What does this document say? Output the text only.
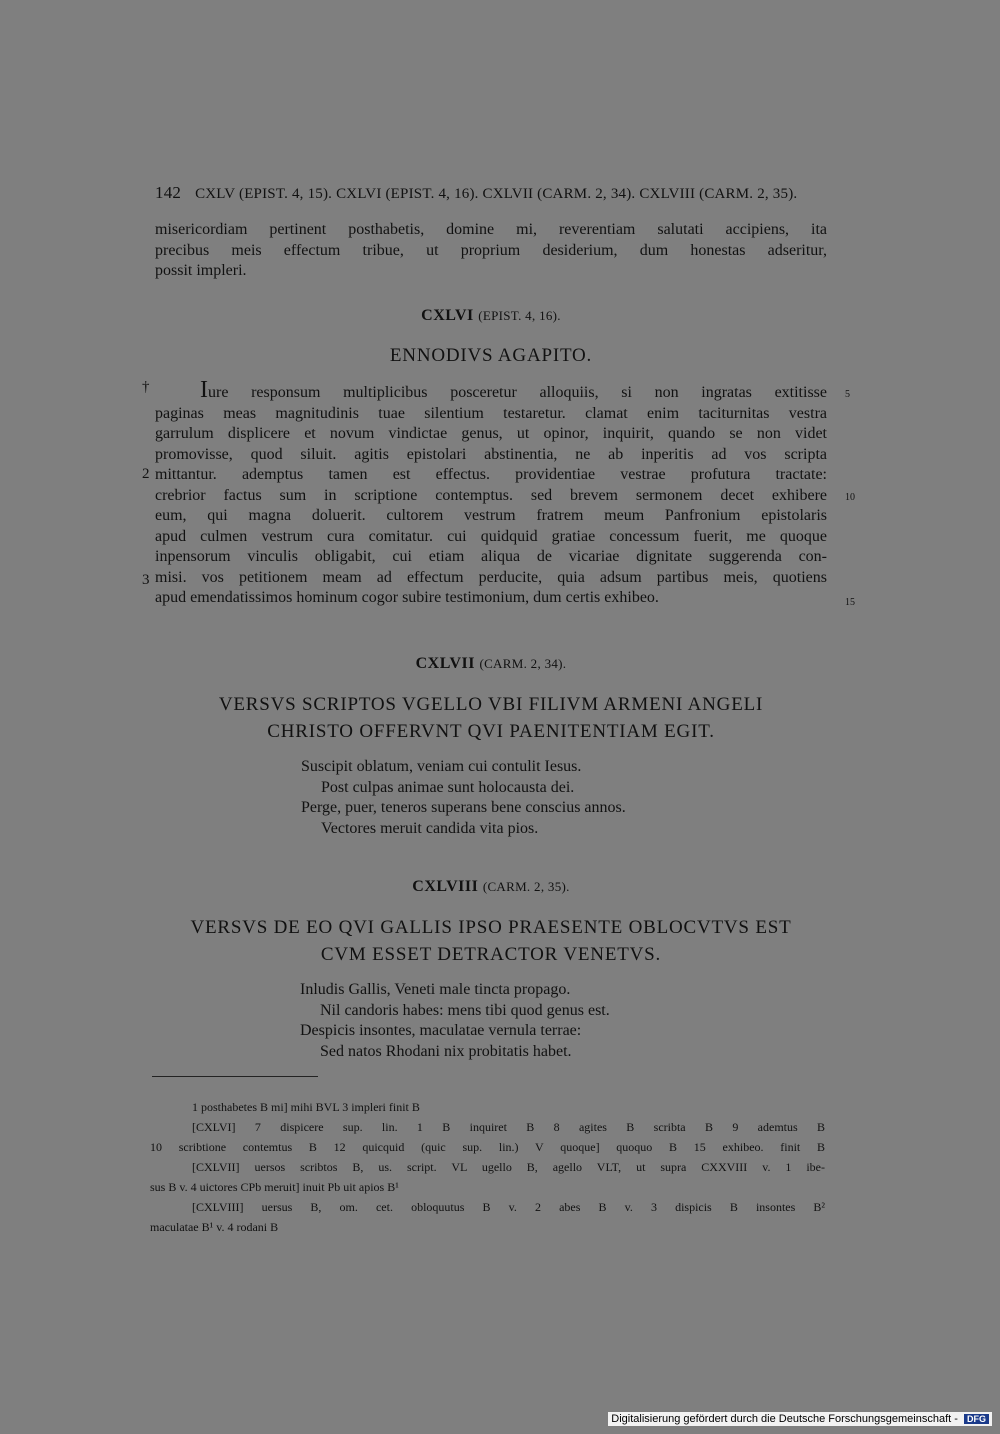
142 CXLV (EPIST. 4, 15). CXLVI (EPIST. 4, 16). CXLVII (CARM. 2, 34). CXLVIII (CARM. 2, 35).
misericordiam pertinent posthabetis, domine mi, reverentiam salutati accipiens, ita
precibus meis effectum tribue, ut proprium desiderium, dum honestas adseritur,
possit impleri.
CXLVI (EPIST. 4, 16).
ENNODIVS AGAPITO.
†
2
3
5
10
15
Iure responsum multiplicibus posceretur alloquiis, si non ingratas extitisse
paginas meas magnitudinis tuae silentium testaretur. clamat enim taciturnitas vestra
garrulum displicere et novum vindictae genus, ut opinor, inquirit, quando se non videt
promovisse, quod siluit. agitis epistolari abstinentia, ne ab inperitis ad vos scripta
mittantur. ademptus tamen est effectus. providentiae vestrae profutura tractate:
crebrior factus sum in scriptione contemptus. sed brevem sermonem decet exhibere
eum, qui magna doluerit. cultorem vestrum fratrem meum Panfronium epistolaris
apud culmen vestrum cura comitatur. cui quidquid gratiae concessum fuerit, me quoque
inpensorum vinculis obligabit, cui etiam aliqua de vicariae dignitate suggerenda con-
misi. vos petitionem meam ad effectum perducite, quia adsum partibus meis, quotiens
apud emendatissimos hominum cogor subire testimonium, dum certis exhibeo.
CXLVII (CARM. 2, 34).
VERSVS SCRIPTOS VGELLO VBI FILIVM ARMENI ANGELI
CHRISTO OFFERVNT QVI PAENITENTIAM EGIT.
Suscipit oblatum, veniam cui contulit Iesus.
Post culpas animae sunt holocausta dei.
Perge, puer, teneros superans bene conscius annos.
Vectores meruit candida vita pios.
CXLVIII (CARM. 2, 35).
VERSVS DE EO QVI GALLIS IPSO PRAESENTE OBLOCVTVS EST
CVM ESSET DETRACTOR VENETVS.
Inludis Gallis, Veneti male tincta propago.
Nil candoris habes: mens tibi quod genus est.
Despicis insontes, maculatae vernula terrae:
Sed natos Rhodani nix probitatis habet.
1 posthabetes B mi] mihi BVL 3 impleri finit B
[CXLVI] 7 dispicere sup. lin. 1 B inquiret B 8 agites B scribta B 9 ademtus B
10 scribtione contemtus B 12 quicquid (quic sup. lin.) V quoque] quoquo B 15 exhibeo. finit B
[CXLVII] uersos scribtos B, us. script. VL ugello B, agello VLT, ut supra CXXVIII v. 1 ibe-
sus B v. 4 uictores CPb meruit] inuit Pb uit apios B¹
[CXLVIII] uersus B, om. cet. obloquutus B v. 2 abes B v. 3 dispicis B insontes B²
maculatae B¹ v. 4 rodani B
Digitalisierung gefördert durch die Deutsche Forschungsgemeinschaft - DFG
